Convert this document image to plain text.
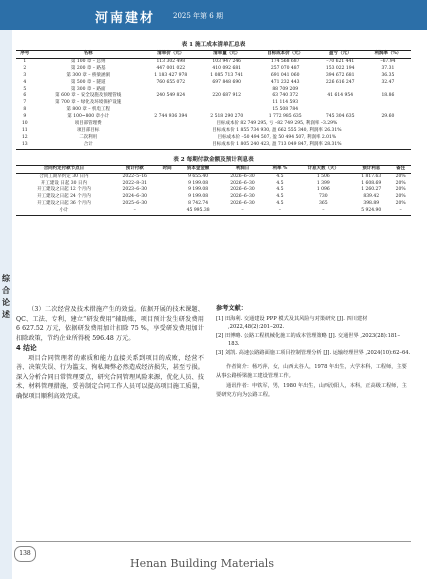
河南建材	2025 年第 6 期
综 合 论 述
表 1 施工成本清单汇总表
序号	名称	清单价（元）	清单量（元）	目标成本价（元）	盈亏（元）	利润率（%）
1	第 100 章 – 总则	113 302 498	103 947 246	174 568 687	–70 621 441	–67.94
2	第 200 章 – 路基	447 001 022	410 092 681	257 070 487	153 022 194	37.31
3	第 300 章 – 桥梁涵洞	1 183 427 978	1 085 713 741	691 041 060	394 672 681	36.35
4	第 500 章 – 隧道	760 655 072	697 848 690	471 232 443	226 616 247	32.47
5	第 300 章 – 路面			88 709 209		
6	第 600 章 – 安全设施及预埋管线	240 549 824	220 687 912	63 740 372	41 614 954	18.86
7	第 700 章 – 绿化及环境保护设施			11 114 593		
8	第 800 章 – 机电工程			15 508 784		
9	第 100~800 章小计	2 744 936 394	2 518 290 270	1 772 985 635	745 304 635	29.60
10	项目部管理费	目标成本价 82 749 295, 亏 –82 749 295, 利润率 –3.29%				
11	项目部目标	目标成本价 1 855 734 930, 盈 662 555 340, 利润率 26.31%				
12	二次利用	目标成本价 –50 494 507, 盈 50 494 507, 利润率 2.01%				
13	合计	目标成本价 1 805 240 423, 盈 713 049 847, 利润率 28.31%				
表 2 每期付款金额及预计利息表
合同约定付款节点日	预计付款	时间	资本金金额	利润日	利率 %	计息天数（天）	预计利息	备注
合同工期早约定 30 日内	2022–5–16		9 655.40	2026–6–30	4.5	1 506	1 817.63	20%
开工建设 日起 30 日内	2022–8–31		9 199.08	2026–6–30	4.5	1 399	1 608.69	20%
开工建设之日起 12 个月内	2023–6–30		9 199.08	2026–6–30	4.5	1 096	1 260.27	20%
开工建设之日起 24 个月内	2024–6–30		9 199.08	2026–6–30	4.5	730	839.42	20%
开工建设之日起 36 个月内	2025–6–30		8 742.74	2026–6–30	4.5	365	398.89	20%
小计	–		45 995.38	–	–	–	5 924.90	–

（3）二次经营及技术措施产生的效益。依据开展的技术课题、QC、工法、专利，建立“研发费用”辅助账，项目预计发生研发费用 6 627.52 万元，依据研发费用加计扣除 75 %，享受研发费用加计扣除政策，节约企业所得税 596.48 万元。

4 结论

项目合同管理者的素质和能力直接关系到项目的成败，经营不善、决策失误、行为滥支、徇私舞弊必然造成经济损失，甚至亏损。深入分析合同日常管理要点，研究合同管理风险来源，优化人员、技术、材料管理措施，妥善制定合同工作人员可以提高项目施工质量，确保项目顺利高效完成。

参考文献：

[1] 田海利. 交通建设 PPP 模式及其风险与对策研究 [J]. 四川建材 ,2022,48(2):201–202.

[2] 田博略. 公路工程机械化施工的成本管理策略 [J]. 交通世界 ,2023(28):181–183.

[3] 刘凯. 高速公路路面施工项目控制管理分析 [J]. 运输经理世界 ,2024(10):62–64.

作者简介：杨巧萍，女，山西太谷人，1978 年出生，大学本科，工程师，主要从事公路桥梁施工建设管理工作。

通讯作者：申铁军，男，1980 年出生，山西汾阳人，本科，正高级工程师，主要研究方向为公路工程。

138
Henan Building Materials
